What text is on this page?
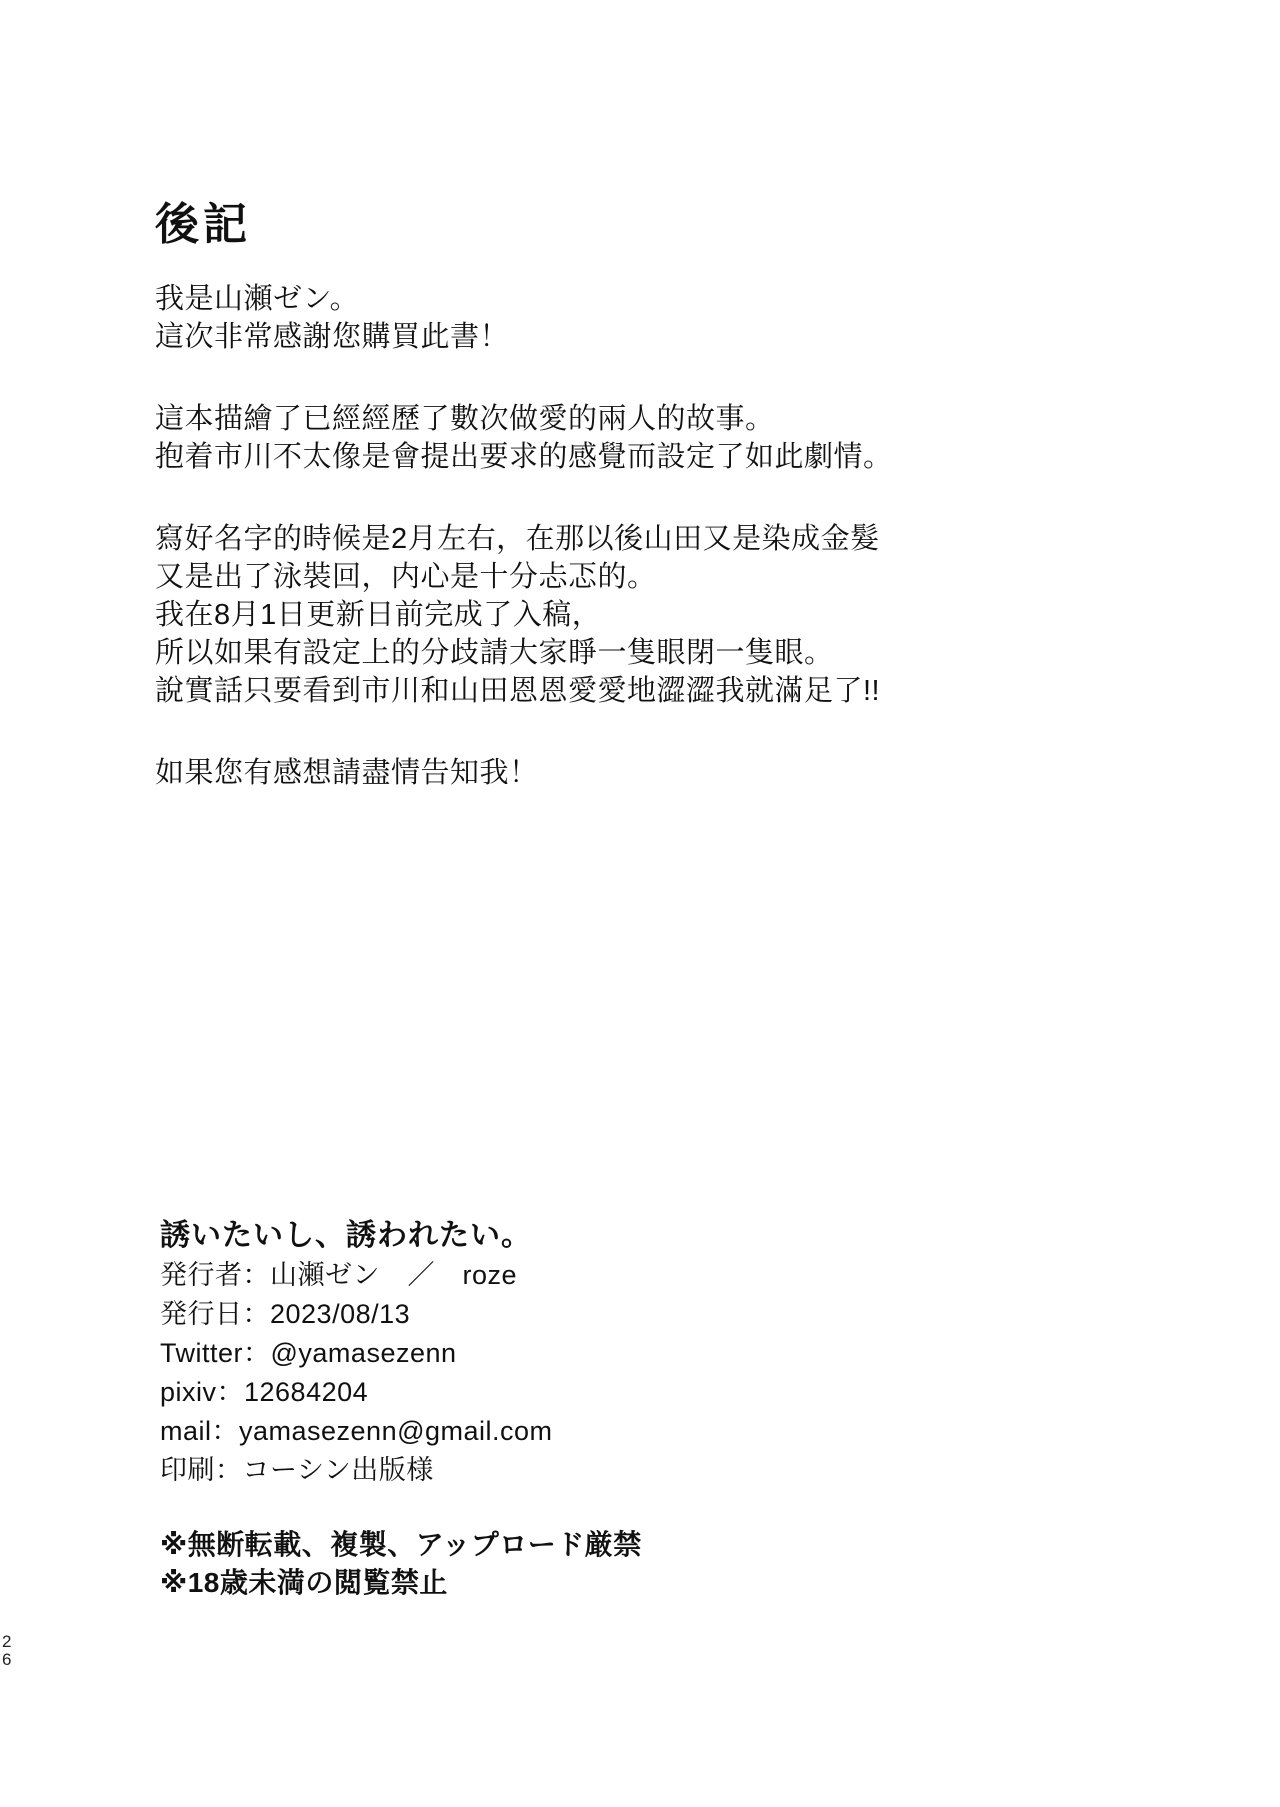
後記

我是山瀬ゼン。
這次非常感謝您購買此書！

這本描繪了已經經歷了數次做愛的兩人的故事。
抱着市川不太像是會提出要求的感覺而設定了如此劇情。

寫好名字的時候是2月左右，在那以後山田又是染成金髮
又是出了泳裝回，内心是十分忐忑的。
我在8月1日更新日前完成了入稿，
所以如果有設定上的分歧請大家睜一隻眼閉一隻眼。
說實話只要看到市川和山田恩恩愛愛地澀澀我就滿足了!!

如果您有感想請盡情告知我！

誘いたいし、誘われたい。
発行者：山瀬ゼン　／　roze
発行日：2023/08/13
Twitter：@yamasezenn
pixiv：12684204
mail：yamasezenn@gmail.com
印刷：コーシン出版様
※無断転載、複製、アップロード厳禁
※18歳未満の閲覧禁止
2
6
